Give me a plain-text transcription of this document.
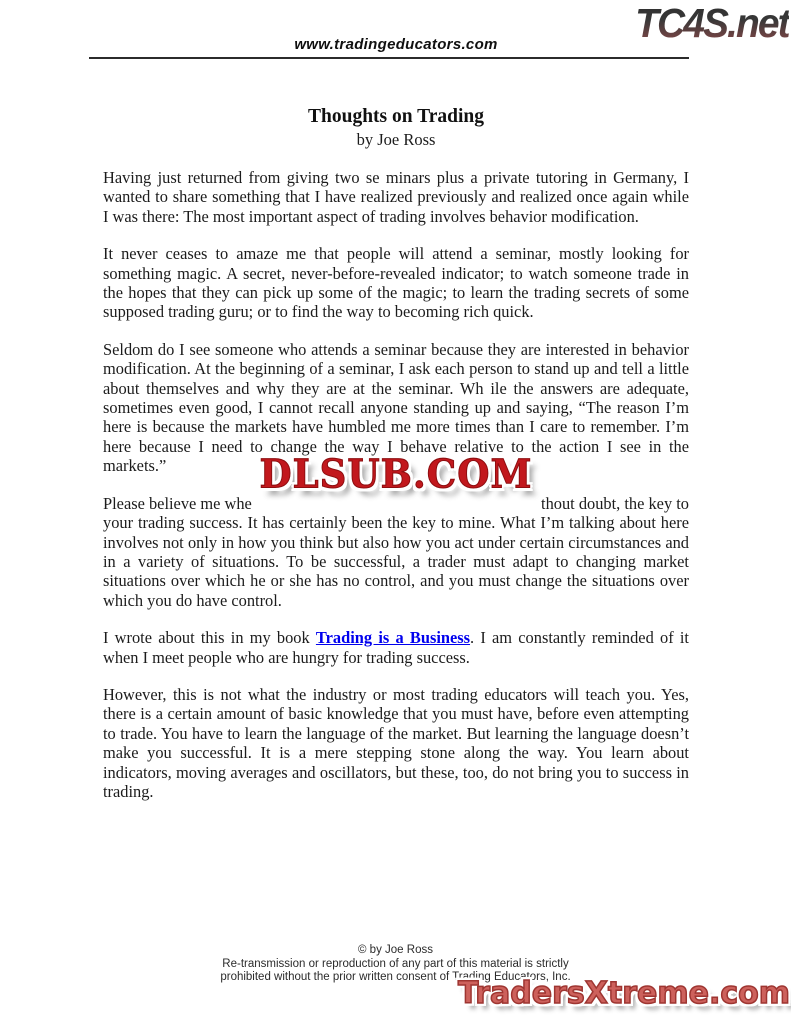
TC4S.net
www.tradingeducators.com
Thoughts on Trading
by Joe Ross

Having just returned from giving two se minars plus a private tutoring in Germany, I wanted to share something that I have realized previously and realized once again while I was there: The most important aspect of trading involves behavior modification.

It never ceases to amaze me that people will attend a seminar, mostly looking for something magic. A secret, never-before-revealed indicator; to watch someone trade in the hopes that they can pick up some of the magic; to learn the trading secrets of some supposed trading guru; or to find the way to becoming rich quick.

Seldom do I see someone who attends a seminar because they are interested in behavior modification. At the beginning of a seminar, I ask each person to stand up and tell a little about themselves and why they are at the seminar. Wh ile the answers are adequate, sometimes even good, I cannot recall anyone standing up and saying, “The reason I’m here is because the markets have humbled me more times than I care to remember. I’m here because I need to change the way I behave relative to the action I see in the markets.”	DLSUB.COM
Please believe me whe	thout doubt, the key to

your trading success. It has certainly been the key to mine. What I’m talking about here involves not only in how you think but also how you act under certain circumstances and in a variety of situations. To be successful, a trader must adapt to changing market situations over which he or she has no control, and you must change the situations over which you do have control.

I wrote about this in my book Trading is a Business. I am constantly reminded of it when I meet people who are hungry for trading success.

However, this is not what the industry or most trading educators will teach you. Yes, there is a certain amount of basic knowledge that you must have, before even attempting to trade. You have to learn the language of the market. But learning the language doesn’t make you successful. It is a mere stepping stone along the way. You learn about indicators, moving averages and oscillators, but these, too, do not bring you to success in trading.

© by Joe Ross
Re-transmission or reproduction of any part of this material is strictly
prohibited without the prior written consent of Trading Educators, Inc.
TradersXtreme.com
